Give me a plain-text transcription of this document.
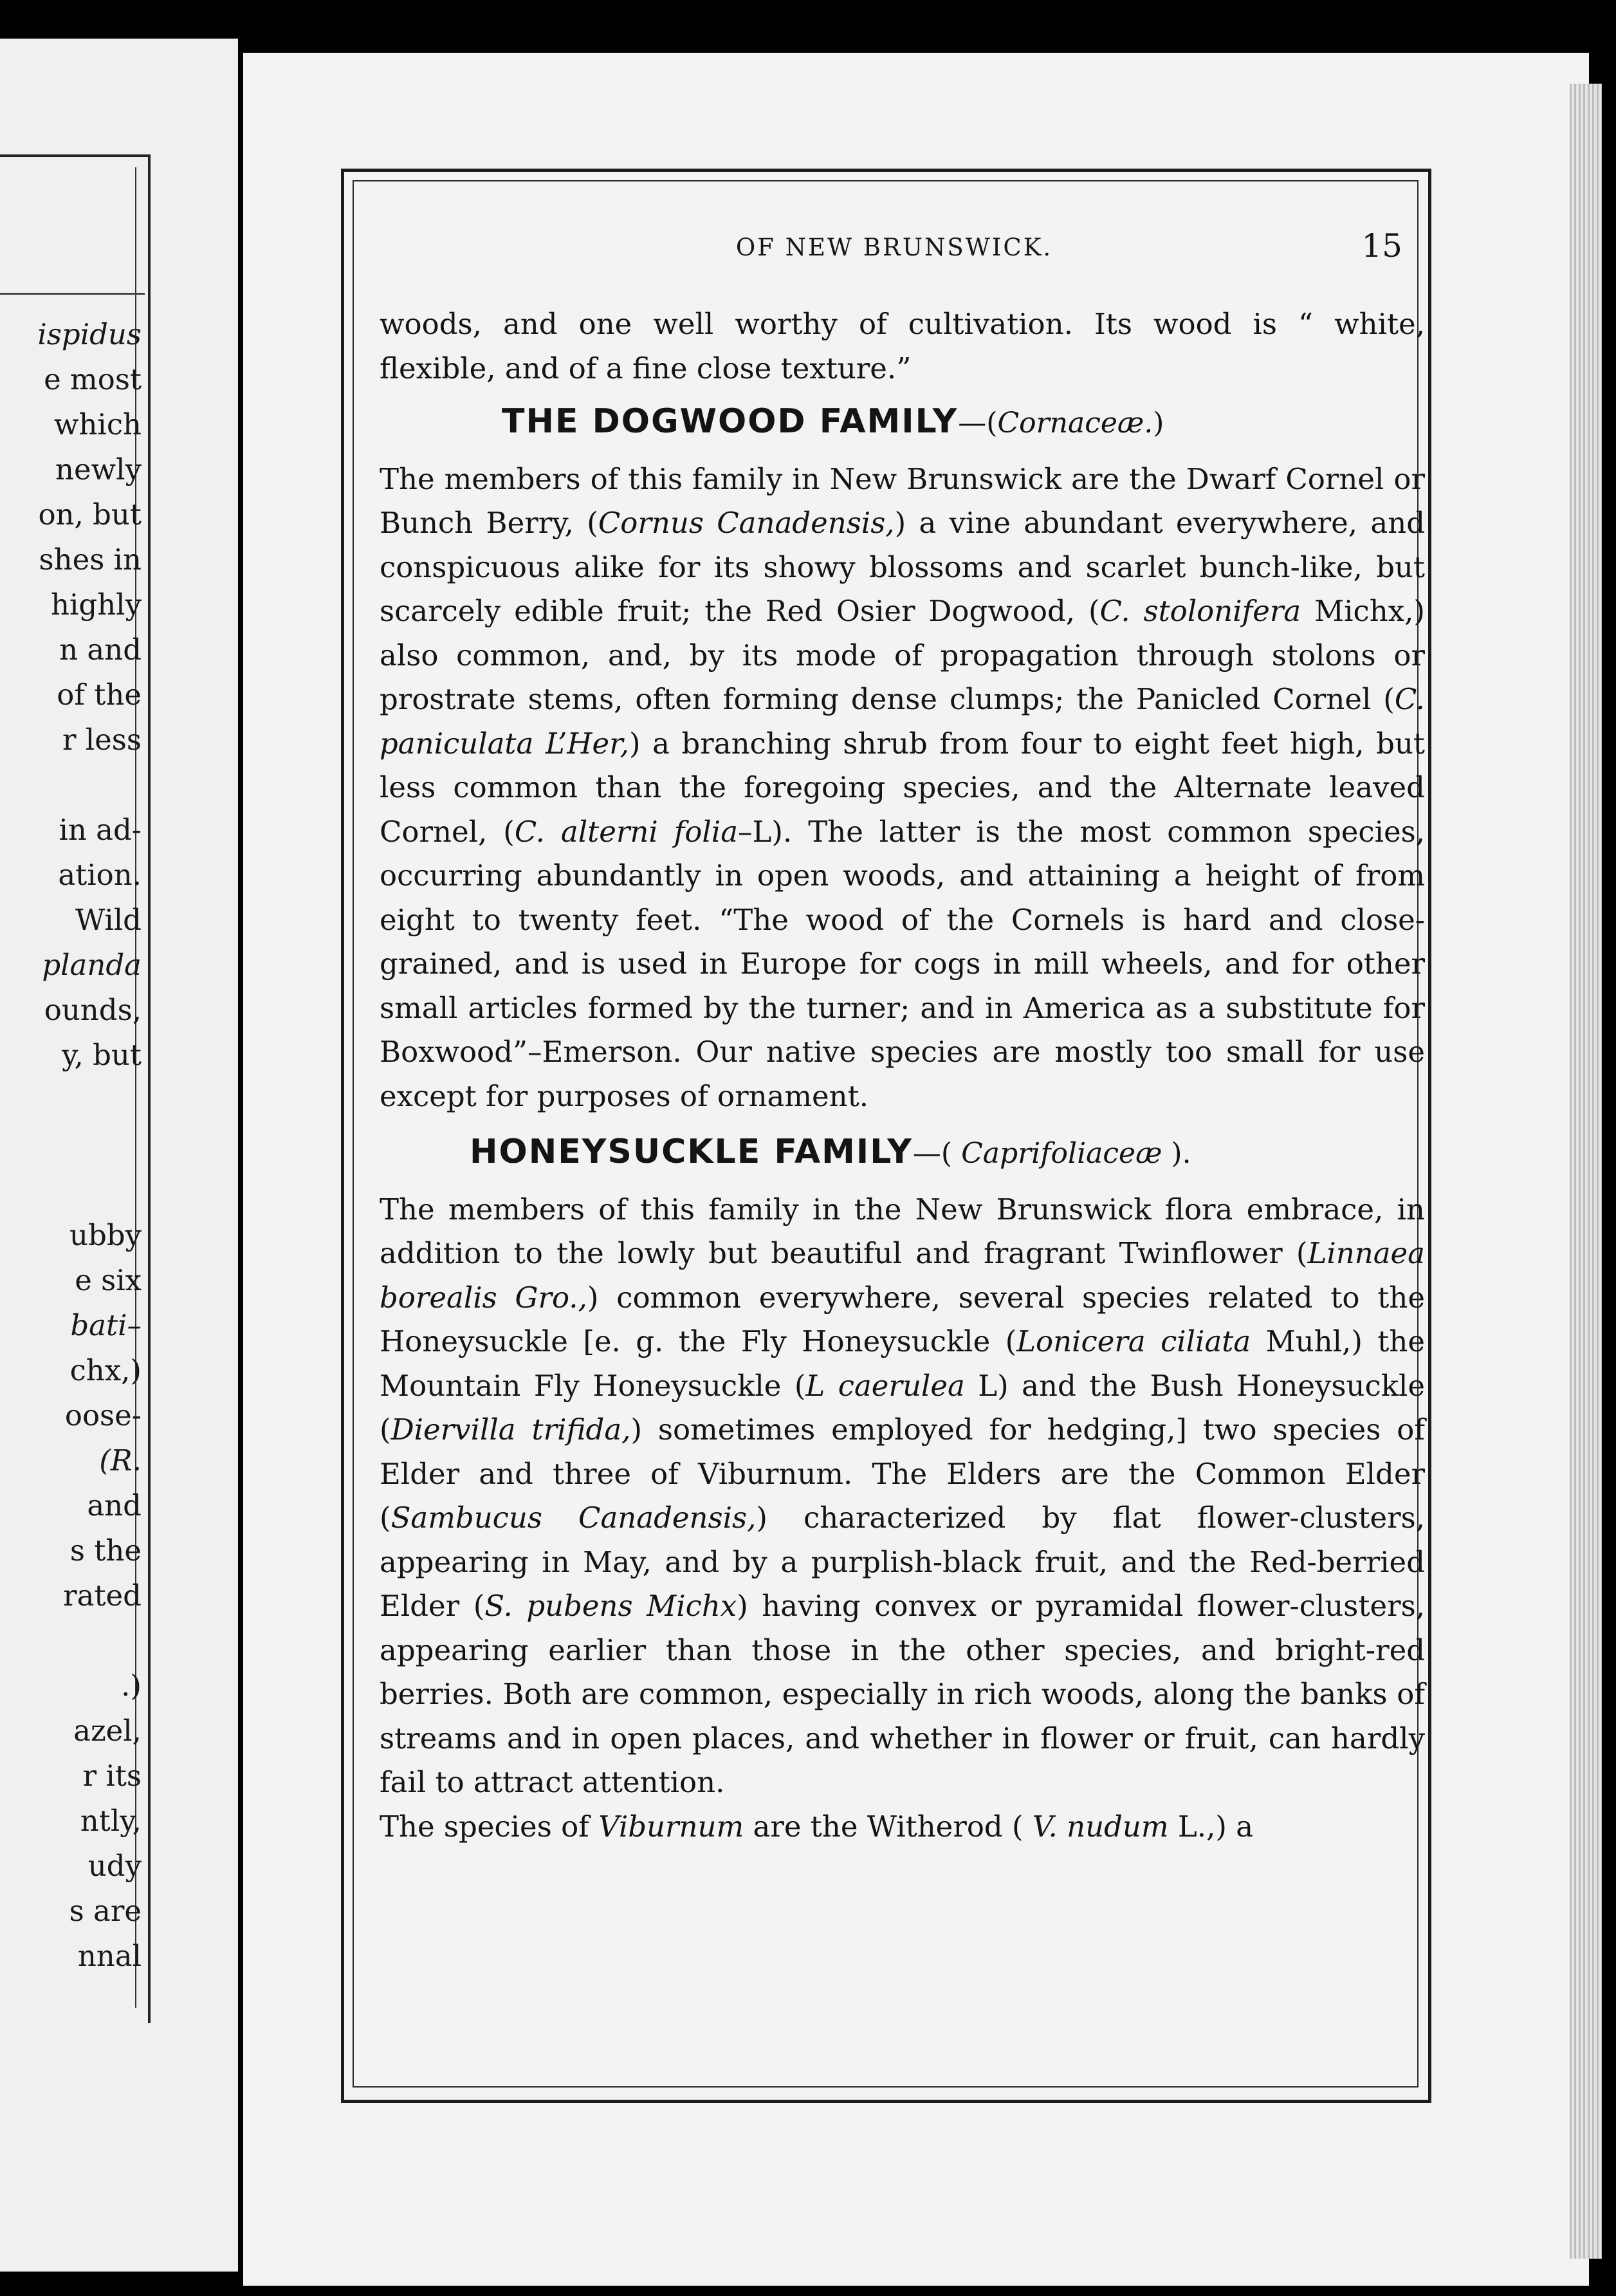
ispidus
e most
which
newly
on, but
shes in
highly
n and
of the
r less
in ad-
ation.
Wild
planda
ounds,
y, but
ubby
e six
bati–
chx,)
oose-
(R.
and
s the
rated
.)
azel,
r its
ntly,
udy
s are
nnal
OF NEW BRUNSWICK.	15

woods, and one well worthy of cultivation. Its wood is “ white,

flexible, and of a fine close texture.”

THE DOGWOOD FAMILY—(Cornaceæ.)

The members of this family in New Brunswick are the Dwarf Cornel or Bunch Berry, (Cornus Canadensis,) a vine abundant everywhere, and conspicuous alike for its showy blossoms and scarlet bunch-like, but scarcely edible fruit; the Red Osier Dogwood, (C. stolonifera Michx,) also common, and, by its mode of propagation through stolons or prostrate stems, often forming dense clumps; the Panicled Cornel (C. paniculata L’Her,) a branching shrub from four to eight feet high, but less common than the foregoing species, and the Alternate leaved Cornel, (C. alterni folia–L). The latter is the most common species, occurring abundantly in open woods, and attaining a height of from eight to twenty feet. “The wood of the Cornels is hard and close-grained, and is used in Europe for cogs in mill wheels, and for other small articles formed by the turner; and in America as a substitute for Boxwood”–Emerson. Our native species are mostly too small for use except for purposes of ornament.

HONEYSUCKLE FAMILY—( Caprifoliaceæ ).

The members of this family in the New Brunswick flora embrace, in addition to the lowly but beautiful and fragrant Twinflower (Linnaea borealis Gro.,) common everywhere, several species related to the Honeysuckle [e. g. the Fly Honeysuckle (Lonicera ciliata Muhl,) the Mountain Fly Honeysuckle (L caerulea L) and the Bush Honeysuckle (Diervilla trifida,) sometimes employed for hedging,] two species of Elder and three of Viburnum. The Elders are the Common Elder (Sambucus Canadensis,) characterized by flat flower-clusters, appearing in May, and by a purplish-black fruit, and the Red-berried Elder (S. pubens Michx) having convex or pyramidal flower-clusters, appearing earlier than those in the other species, and bright-red berries. Both are common, especially in rich woods, along the banks of streams and in open places, and whether in flower or fruit, can hardly fail to attract attention.

The species of Viburnum are the Witherod ( V. nudum L.,) a
